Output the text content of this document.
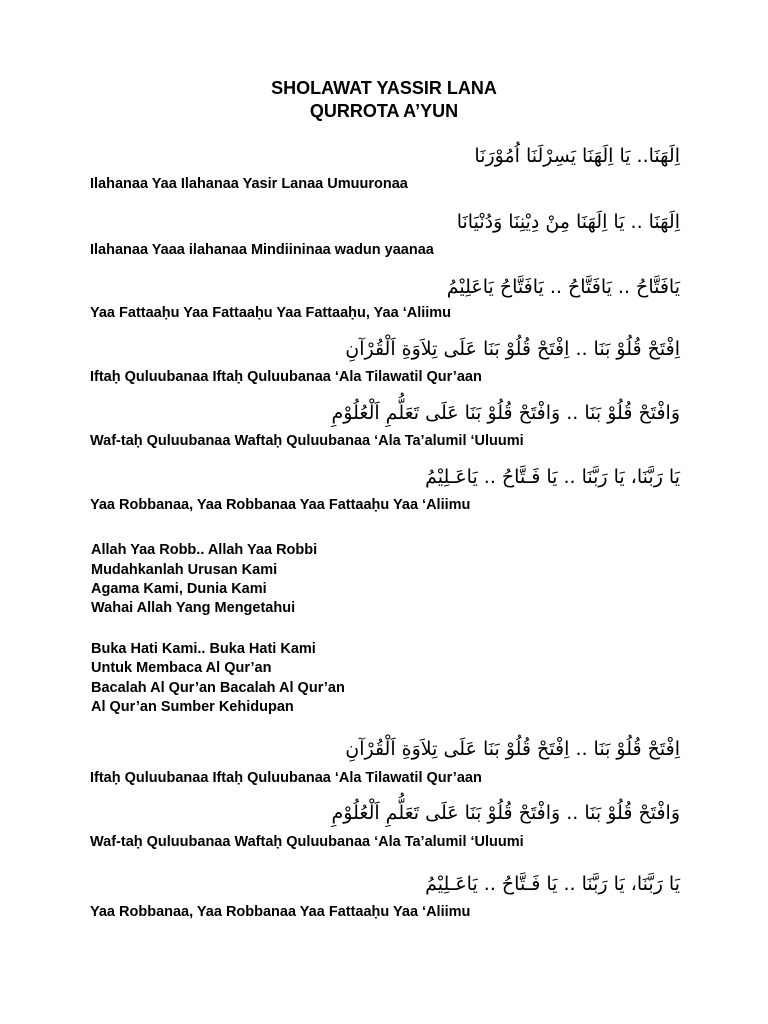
SHOLAWAT YASSIR LANA
QURROTA A’YUN
اِلَهَنَا.. يَا اِلَهَنَا يَسِرْلَنَا اُمُوْرَنَا
Ilahanaa Yaa Ilahanaa Yasir Lanaa Umuuronaa
اِلَهَنَا .. يَا اِلَهَنَا مِنْ دِيْنِنَا وَدُنْيَانَا
Ilahanaa Yaaa ilahanaa Mindiininaa wadun yaanaa
يَافَتَّاحُ .. يَافَتَّاحُ .. يَافَتَّاحُ يَاعَلِيْمُ
Yaa Fattaaḥu Yaa Fattaaḥu Yaa Fattaaḥu, Yaa ‘Aliimu
اِفْتَحْ قُلُوْ بَنَا .. اِفْتَحْ قُلُوْ بَنَا عَلَى تِلاَوَةِ اَلْقُرْآنِ
Iftaḥ Quluubanaa Iftaḥ Quluubanaa ‘Ala Tilawatil Qur’aan
وَافْتَحْ قُلُوْ بَنَا .. وَافْتَحْ قُلُوْ بَنَا عَلَى تَعَلُّمِ اَلْعُلُوْمِ
Waf-taḥ Quluubanaa Waftaḥ Quluubanaa ‘Ala Ta’alumil ‘Uluumi
يَا رَبَّنَا، يَا رَبَّنَا .. يَا فَـتَّاحُ .. يَاعَـلِيْمُ
Yaa Robbanaa, Yaa Robbanaa Yaa Fattaaḥu Yaa ‘Aliimu
Allah Yaa Robb.. Allah Yaa Robbi
Mudahkanlah Urusan Kami
Agama Kami, Dunia Kami
Wahai Allah Yang Mengetahui
Buka Hati Kami.. Buka Hati Kami
Untuk Membaca Al Qur’an
Bacalah Al Qur’an Bacalah Al Qur’an
Al Qur’an Sumber Kehidupan
اِفْتَحْ قُلُوْ بَنَا .. اِفْتَحْ قُلُوْ بَنَا عَلَى تِلاَوَةِ اَلْقُرْآنِ
Iftaḥ Quluubanaa Iftaḥ Quluubanaa ‘Ala Tilawatil Qur’aan
وَافْتَحْ قُلُوْ بَنَا .. وَافْتَحْ قُلُوْ بَنَا عَلَى تَعَلُّمِ اَلْعُلُوْمِ
Waf-taḥ Quluubanaa Waftaḥ Quluubanaa ‘Ala Ta’alumil ‘Uluumi
يَا رَبَّنَا، يَا رَبَّنَا .. يَا فَـتَّاحُ .. يَاعَـلِيْمُ
Yaa Robbanaa, Yaa Robbanaa Yaa Fattaaḥu Yaa ‘Aliimu
